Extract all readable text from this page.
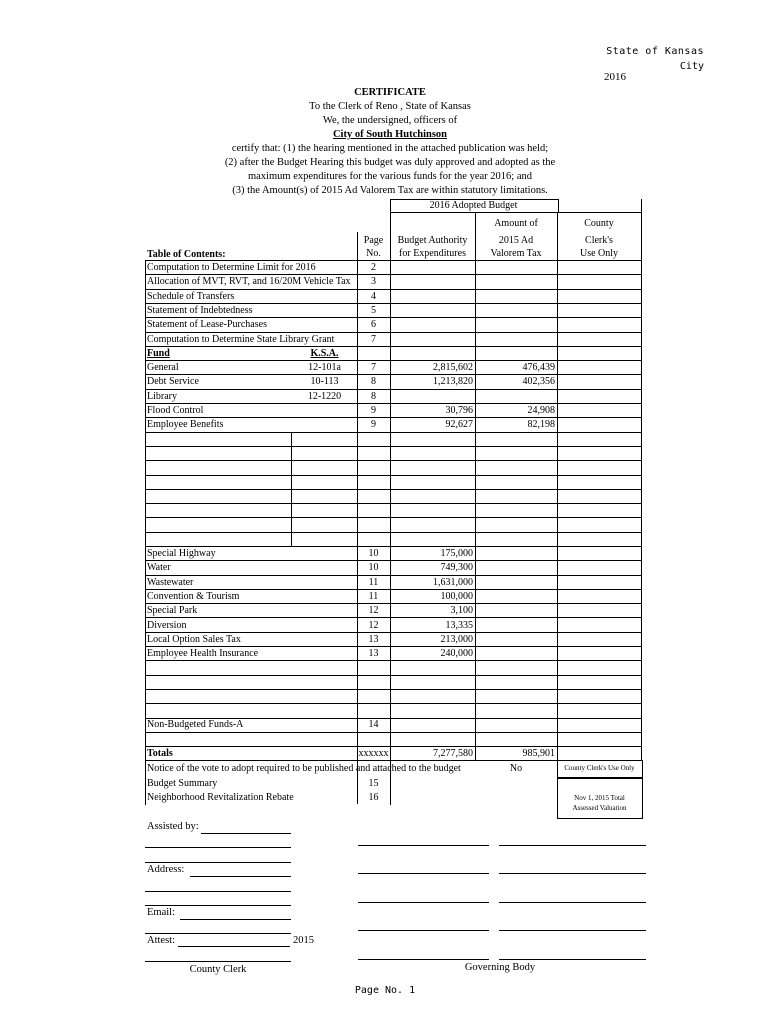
State of Kansas
City
2016
CERTIFICATE
To the Clerk of Reno , State of Kansas
We, the undersigned, officers of
City of South Hutchinson
certify that: (1) the hearing mentioned in the attached publication was held;
(2) after the Budget Hearing this budget was duly approved and adopted as the
maximum expenditures for the various funds for the year 2016; and
(3) the Amount(s) of 2015 Ad Valorem Tax are within statutory limitations.
2016 Adopted Budget
Page
No.
Budget Authority
for Expenditures
Amount of
2015 Ad
Valorem Tax
County
Clerk's
Use Only
Table of Contents:
Computation to Determine Limit for 2016	2
Allocation of MVT, RVT, and 16/20M Vehicle Tax	3
Schedule of Transfers	4
Statement of Indebtedness	5
Statement of Lease-Purchases	6
Computation to Determine State Library Grant	7
Fund	K.S.A.
General	12-101a	7	2,815,602	476,439
Debt Service	10-113	8	1,213,820	402,356
Library	12-1220	8
Flood Control	9	30,796	24,908
Employee Benefits	9	92,627	82,198
Special Highway	10	175,000
Water	10	749,300
Wastewater	11	1,631,000
Convention & Tourism	11	100,000
Special Park	12	3,100
Diversion	12	13,335
Local Option Sales Tax	13	213,000
Employee Health Insurance	13	240,000
Non-Budgeted Funds-A	14
Totals	xxxxxx	7,277,580	985,901
Notice of the vote to adopt required to be published and attached to the budget	No	County Clerk's Use Only
Budget Summary	15
Neighborhood Revitalization Rebate	16	Nov 1, 2015 Total
Assessed Valuation
Assisted by:
Address:
Email:
Attest:	2015
County Clerk	Governing Body
Page No. 1
